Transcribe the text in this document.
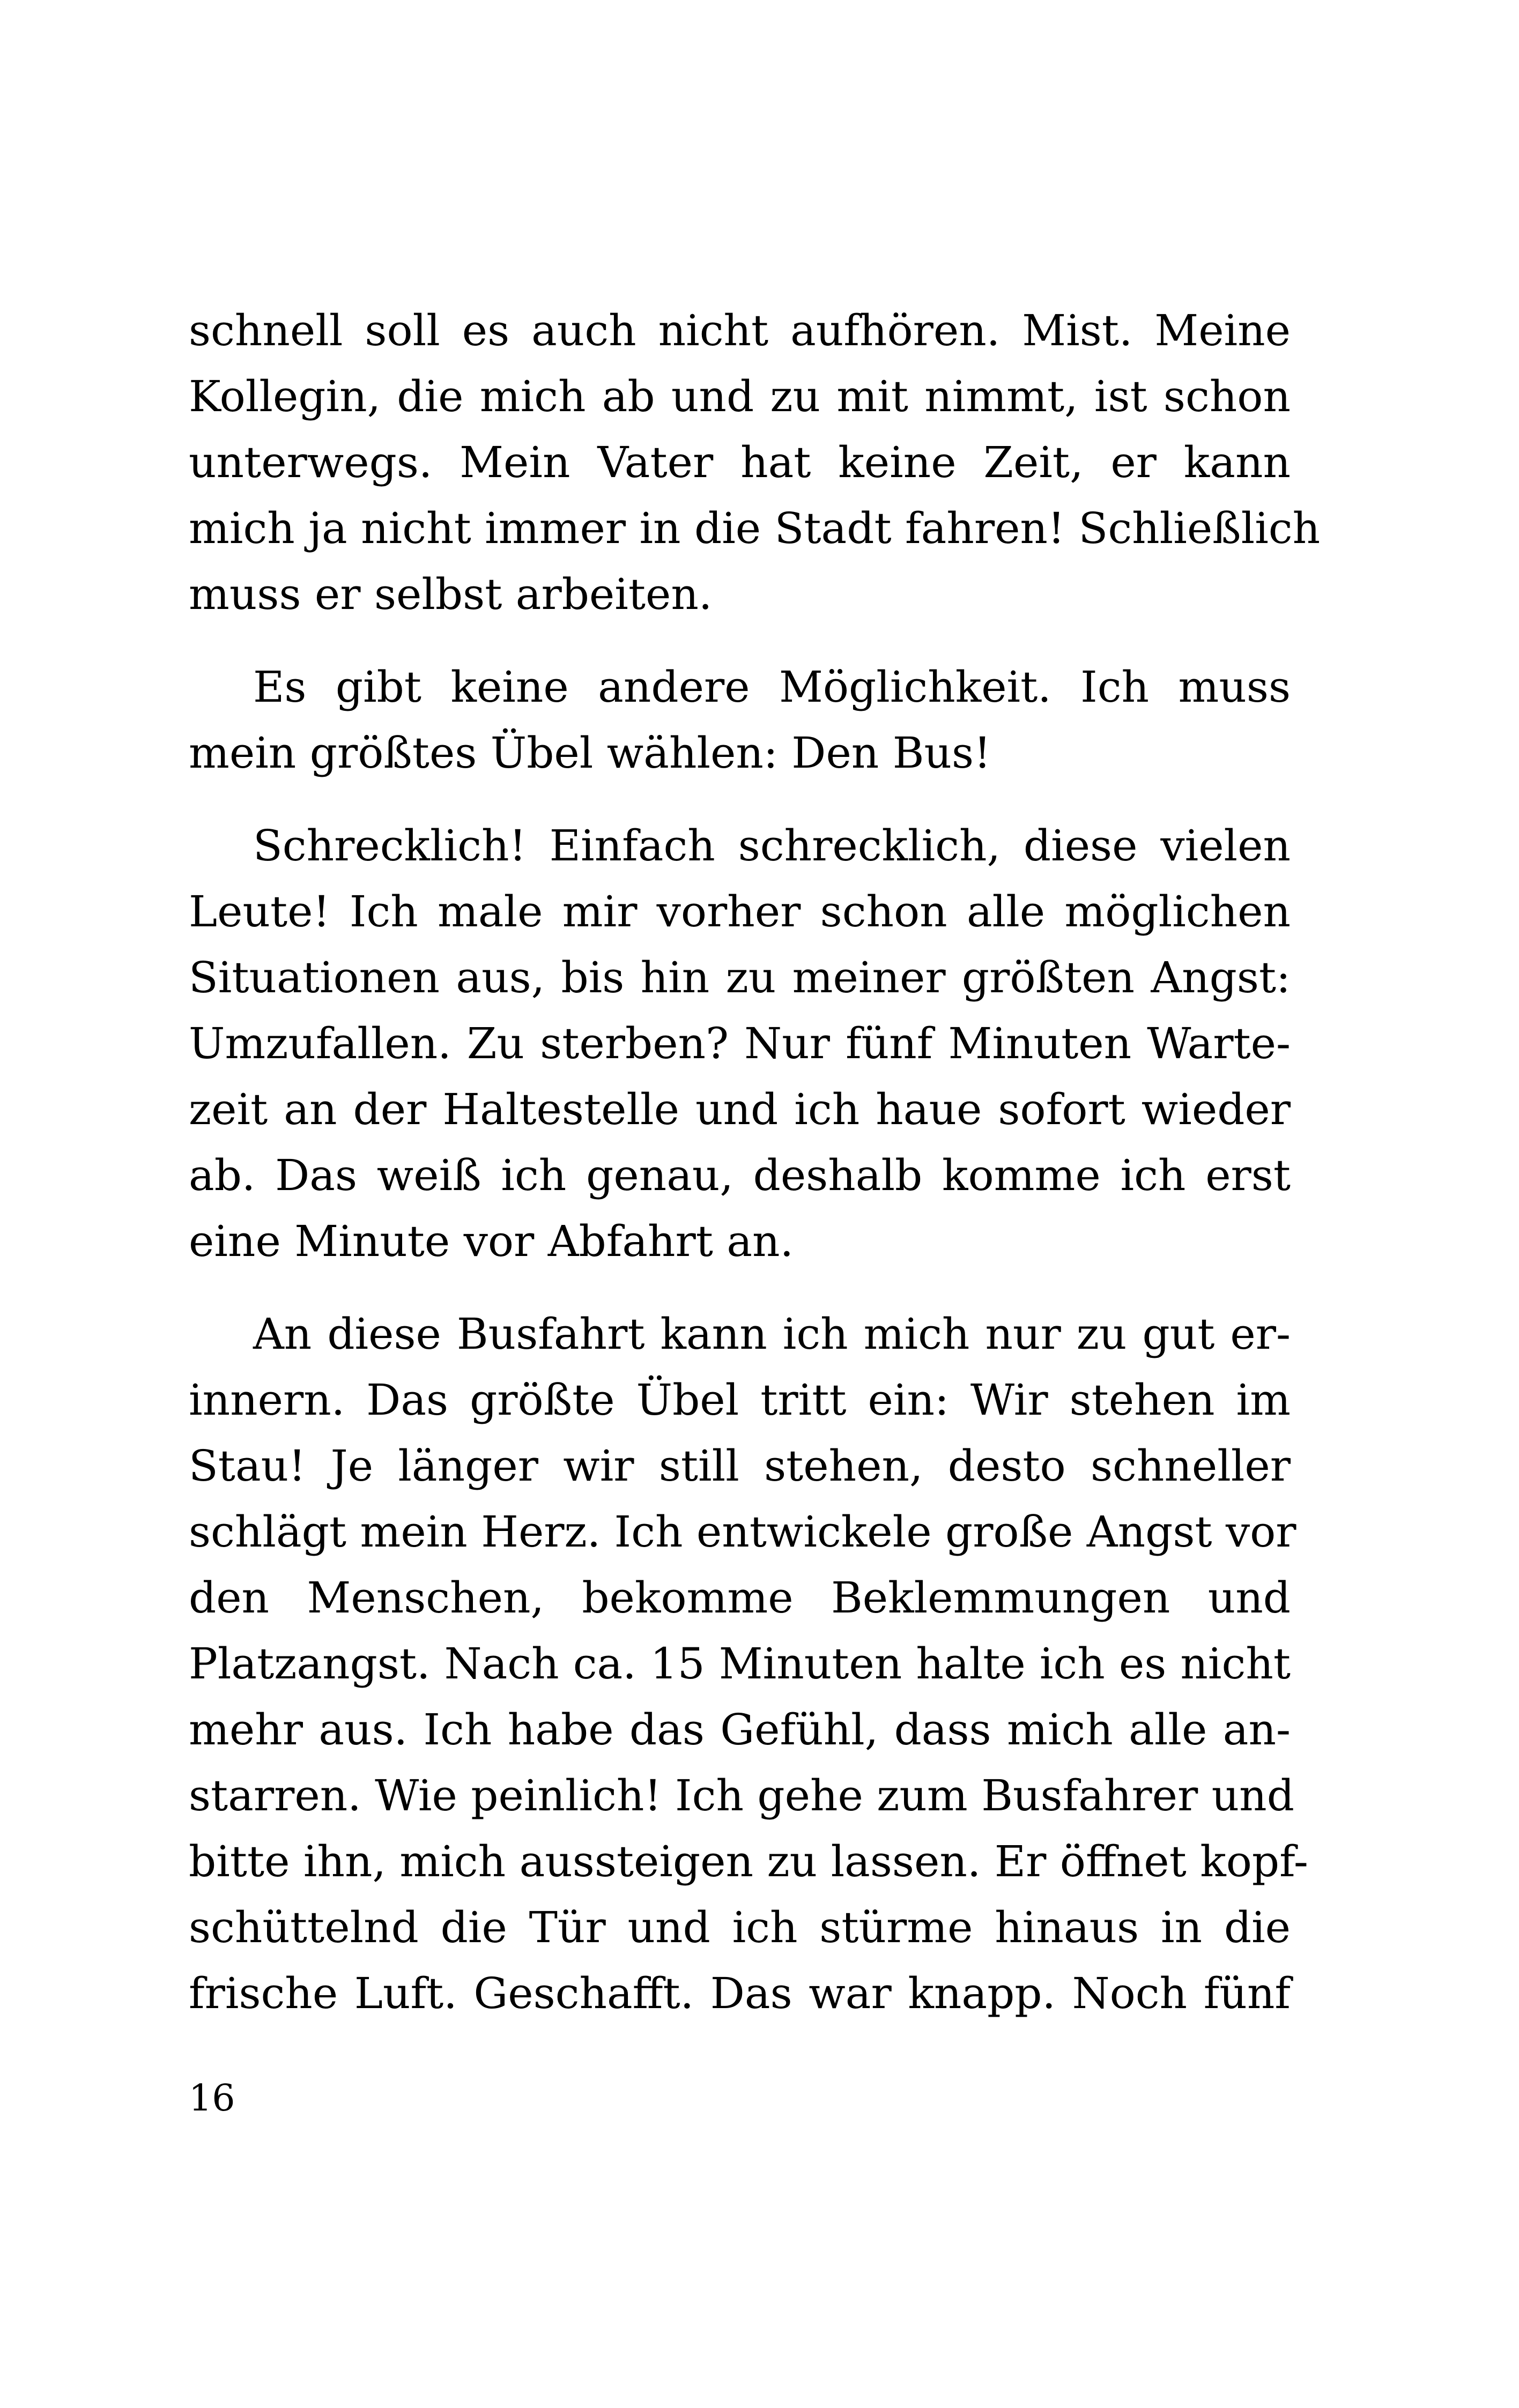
schnell soll es auch nicht aufhören. Mist. Meine
Kollegin, die mich ab und zu mit nimmt, ist schon
unterwegs. Mein Vater hat keine Zeit, er kann
mich ja nicht immer in die Stadt fahren! Schließlich
muss er selbst arbeiten.
Es gibt keine andere Möglichkeit. Ich muss
mein größtes Übel wählen: Den Bus!
Schrecklich! Einfach schrecklich, diese vielen
Leute! Ich male mir vorher schon alle möglichen
Situationen aus, bis hin zu meiner größten Angst:
Umzufallen. Zu sterben? Nur fünf Minuten Warte-
zeit an der Haltestelle und ich haue sofort wieder
ab. Das weiß ich genau, deshalb komme ich erst
eine Minute vor Abfahrt an.
An diese Busfahrt kann ich mich nur zu gut er-
innern. Das größte Übel tritt ein: Wir stehen im
Stau! Je länger wir still stehen, desto schneller
schlägt mein Herz. Ich entwickele große Angst vor
den Menschen, bekomme Beklemmungen und
Platzangst. Nach ca. 15 Minuten halte ich es nicht
mehr aus. Ich habe das Gefühl, dass mich alle an-
starren. Wie peinlich! Ich gehe zum Busfahrer und
bitte ihn, mich aussteigen zu lassen. Er öffnet kopf-
schüttelnd die Tür und ich stürme hinaus in die
frische Luft. Geschafft. Das war knapp. Noch fünf
16
